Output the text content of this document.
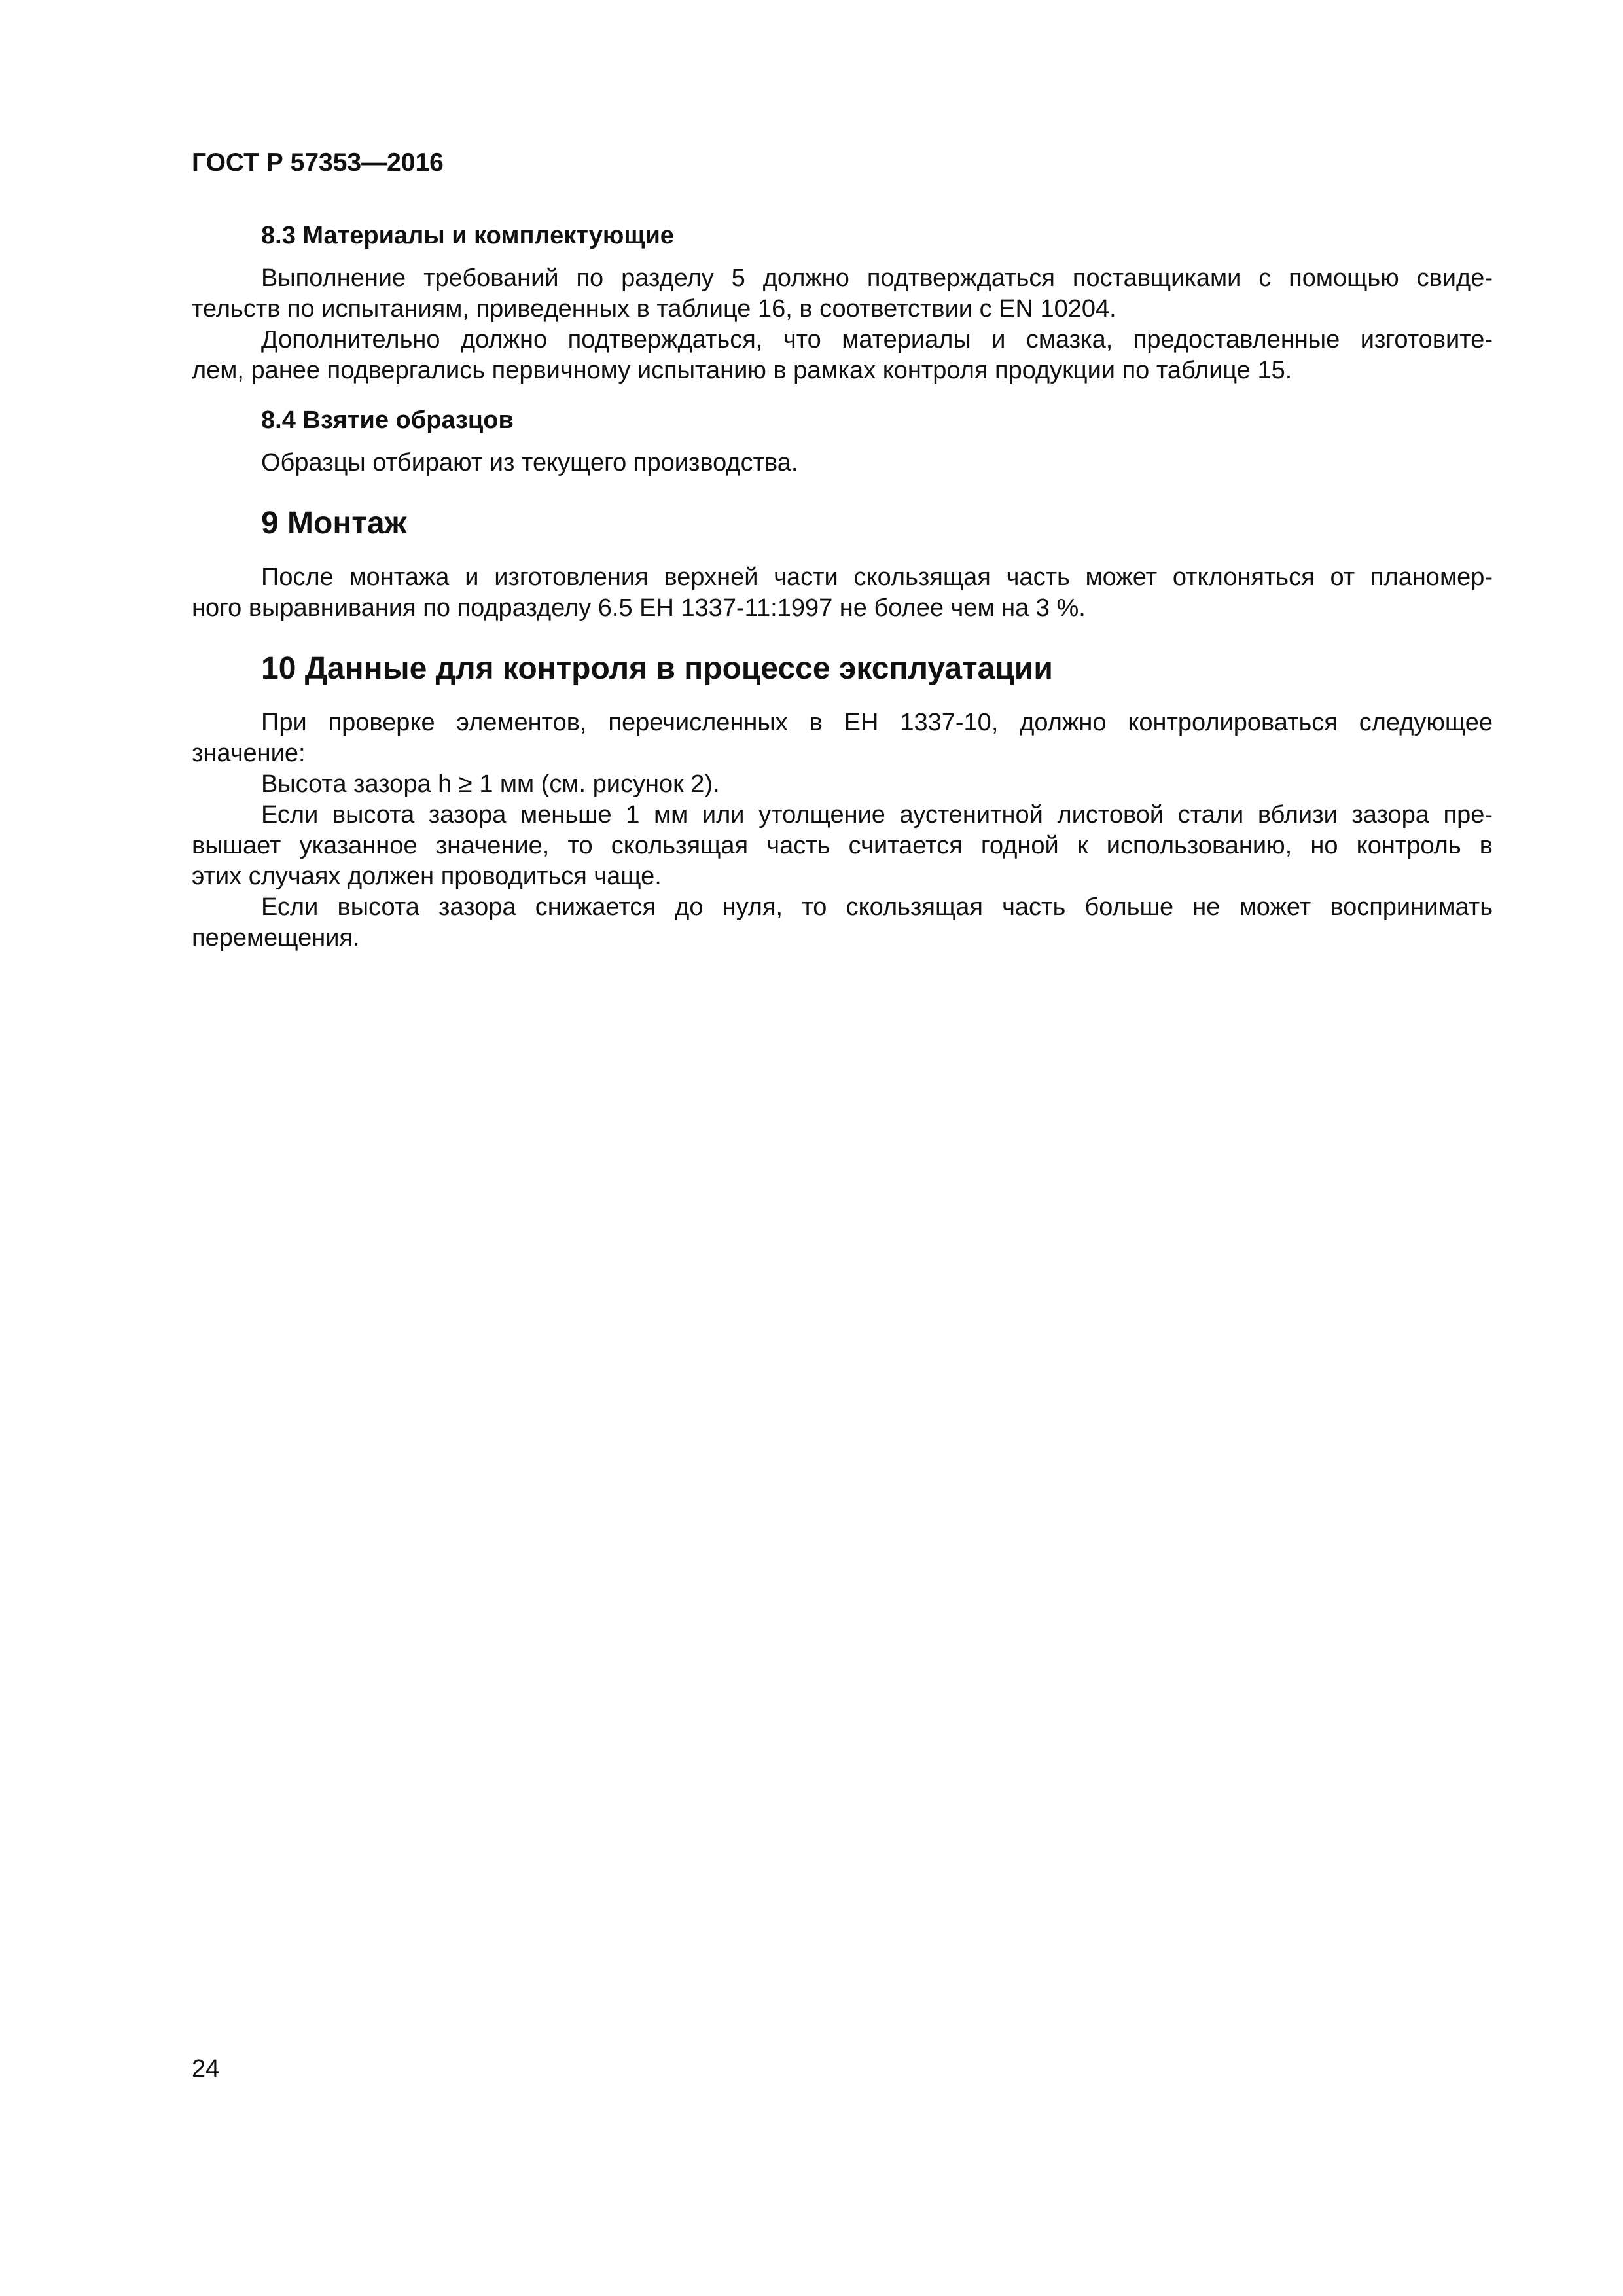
ГОСТ Р 57353—2016
8.3 Материалы и комплектующие

Выполнение требований по разделу 5 должно подтверждаться поставщиками с помощью свиде-

тельств по испытаниям, приведенных в таблице 16, в соответствии с EN 10204.

Дополнительно должно подтверждаться, что материалы и смазка, предоставленные изготовите-

лем, ранее подвергались первичному испытанию в рамках контроля продукции по таблице 15.

8.4 Взятие образцов

Образцы отбирают из текущего производства.

9 Монтаж

После монтажа и изготовления верхней части скользящая часть может отклоняться от планомер-

ного выравнивания по подразделу 6.5 ЕН 1337-11:1997 не более чем на 3 %.

10 Данные для контроля в процессе эксплуатации

При проверке элементов, перечисленных в ЕН 1337-10, должно контролироваться следующее

значение:

Высота зазора h ≥ 1 мм (см. рисунок 2).

Если высота зазора меньше 1 мм или утолщение аустенитной листовой стали вблизи зазора пре-

вышает указанное значение, то скользящая часть считается годной к использованию, но контроль в

этих случаях должен проводиться чаще.

Если высота зазора снижается до нуля, то скользящая часть больше не может воспринимать

перемещения.

24
